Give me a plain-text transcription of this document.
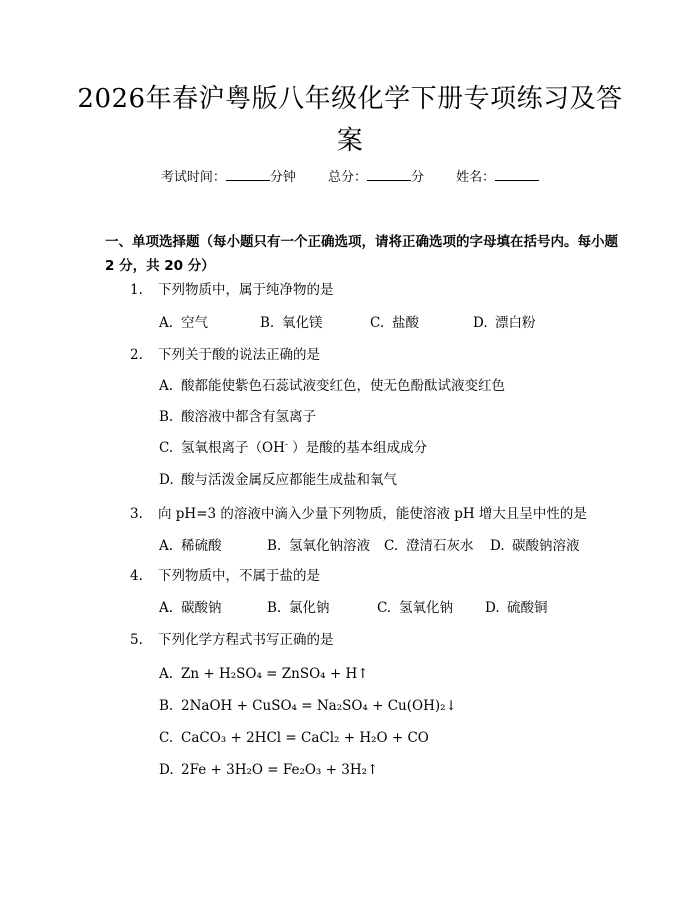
2026年春沪粤版八年级化学下册专项练习及答案
考试时间：	分钟 总分：	分 姓名：
一、单项选择题（每小题只有一个正确选项，请将正确选项的字母填在括号内。每小题 2 分，共 20 分）
1. 下列物质中，属于纯净物的是
A. 空气	B. 氧化镁	C. 盐酸	D. 漂白粉
2. 下列关于酸的说法正确的是
A. 酸都能使紫色石蕊试液变红色，使无色酚酞试液变红色
B. 酸溶液中都含有氢离子
C. 氢氧根离子（OH- ）是酸的基本组成成分
D. 酸与活泼金属反应都能生成盐和氧气
3. 向 pH=3 的溶液中滴入少量下列物质，能使溶液 pH 增大且呈中性的是
A. 稀硫酸	B. 氢氧化钠溶液 C. 澄清石灰水 D. 碳酸钠溶液
4. 下列物质中，不属于盐的是
A. 碳酸钠	B. 氯化钠	C. 氢氧化钠 D. 硫酸铜
5. 下列化学方程式书写正确的是
A. Zn + H₂SO₄ = ZnSO₄ + H↑
B. 2NaOH + CuSO₄ = Na₂SO₄ + Cu(OH)₂↓
C. CaCO₃ + 2HCl = CaCl₂ + H₂O + CO
D. 2Fe + 3H₂O = Fe₂O₃ + 3H₂↑
